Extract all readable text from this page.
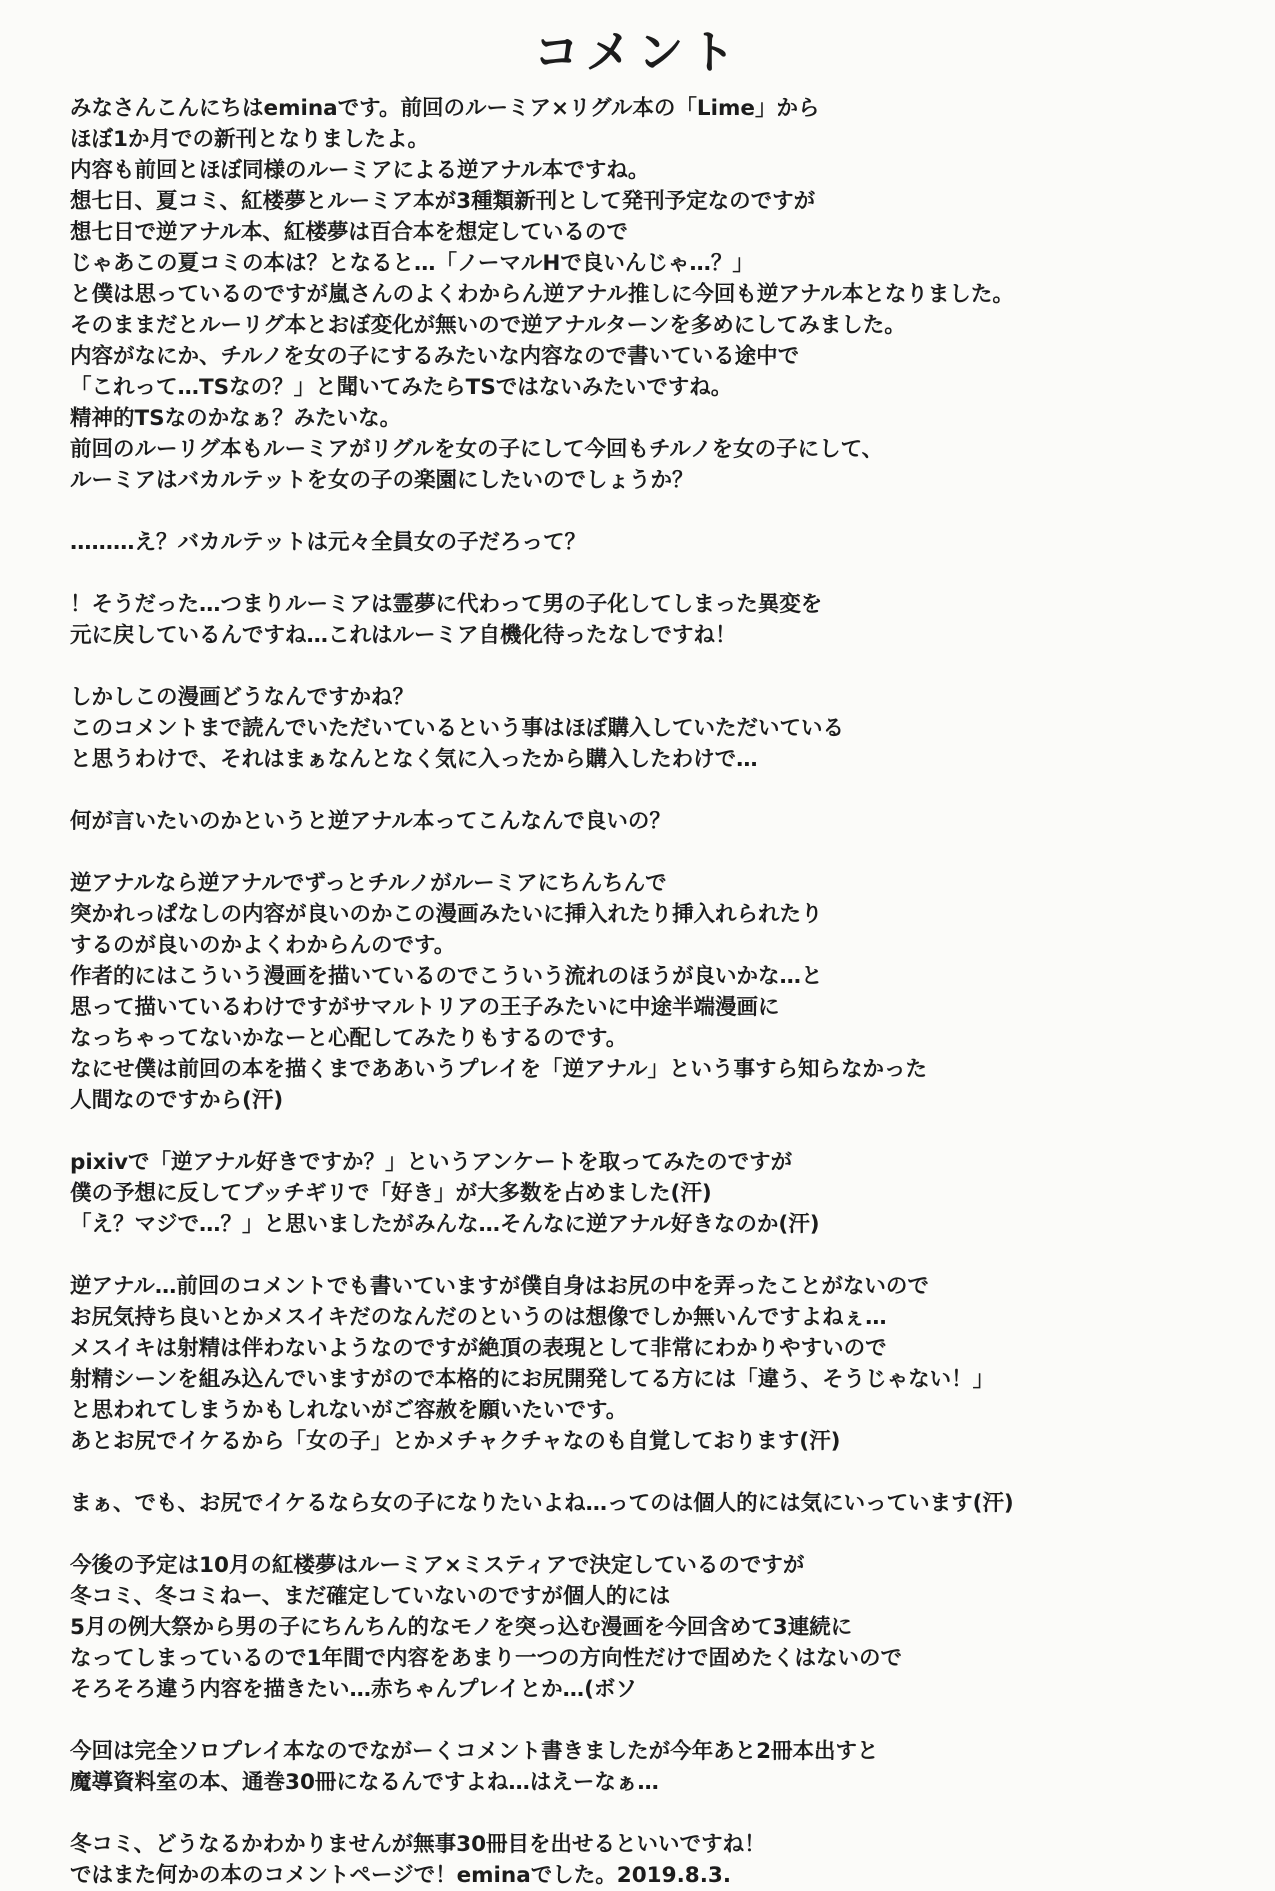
コメント
みなさんこんにちはeminaです。前回のルーミア×リグル本の「Lime」から
ほぼ1か月での新刊となりましたよ。
内容も前回とほぼ同様のルーミアによる逆アナル本ですね。
想七日、夏コミ、紅楼夢とルーミア本が3種類新刊として発刊予定なのですが
想七日で逆アナル本、紅楼夢は百合本を想定しているので
じゃあこの夏コミの本は？となると…「ノーマルHで良いんじゃ…？」
と僕は思っているのですが嵐さんのよくわからん逆アナル推しに今回も逆アナル本となりました。
そのままだとルーリグ本とおぼ変化が無いので逆アナルターンを多めにしてみました。
内容がなにか、チルノを女の子にするみたいな内容なので書いている途中で
「これって…TSなの？」と聞いてみたらTSではないみたいですね。
精神的TSなのかなぁ？みたいな。
前回のルーリグ本もルーミアがリグルを女の子にして今回もチルノを女の子にして、
ルーミアはバカルテットを女の子の楽園にしたいのでしょうか？
………え？バカルテットは元々全員女の子だろって？
！そうだった…つまりルーミアは霊夢に代わって男の子化してしまった異変を
元に戻しているんですね…これはルーミア自機化待ったなしですね！
しかしこの漫画どうなんですかね？
このコメントまで読んでいただいているという事はほぼ購入していただいている
と思うわけで、それはまぁなんとなく気に入ったから購入したわけで…
何が言いたいのかというと逆アナル本ってこんなんで良いの？
逆アナルなら逆アナルでずっとチルノがルーミアにちんちんで
突かれっぱなしの内容が良いのかこの漫画みたいに挿入れたり挿入れられたり
するのが良いのかよくわからんのです。
作者的にはこういう漫画を描いているのでこういう流れのほうが良いかな…と
思って描いているわけですがサマルトリアの王子みたいに中途半端漫画に
なっちゃってないかなーと心配してみたりもするのです。
なにせ僕は前回の本を描くまでああいうプレイを「逆アナル」という事すら知らなかった
人間なのですから(汗)
pixivで「逆アナル好きですか？」というアンケートを取ってみたのですが
僕の予想に反してブッチギリで「好き」が大多数を占めました(汗)
「え？マジで…？」と思いましたがみんな…そんなに逆アナル好きなのか(汗)
逆アナル…前回のコメントでも書いていますが僕自身はお尻の中を弄ったことがないので
お尻気持ち良いとかメスイキだのなんだのというのは想像でしか無いんですよねぇ…
メスイキは射精は伴わないようなのですが絶頂の表現として非常にわかりやすいので
射精シーンを組み込んでいますがので本格的にお尻開発してる方には「違う、そうじゃない！」
と思われてしまうかもしれないがご容赦を願いたいです。
あとお尻でイケるから「女の子」とかメチャクチャなのも自覚しております(汗)
まぁ、でも、お尻でイケるなら女の子になりたいよね…ってのは個人的には気にいっています(汗)
今後の予定は10月の紅楼夢はルーミア×ミスティアで決定しているのですが
冬コミ、冬コミねー、まだ確定していないのですが個人的には
5月の例大祭から男の子にちんちん的なモノを突っ込む漫画を今回含めて3連続に
なってしまっているので1年間で内容をあまり一つの方向性だけで固めたくはないので
そろそろ違う内容を描きたい…赤ちゃんプレイとか…(ボソ
今回は完全ソロプレイ本なのでながーくコメント書きましたが今年あと2冊本出すと
魔導資料室の本、通巻30冊になるんですよね…はえーなぁ…
冬コミ、どうなるかわかりませんが無事30冊目を出せるといいですね！
ではまた何かの本のコメントページで！eminaでした。2019.8.3.
